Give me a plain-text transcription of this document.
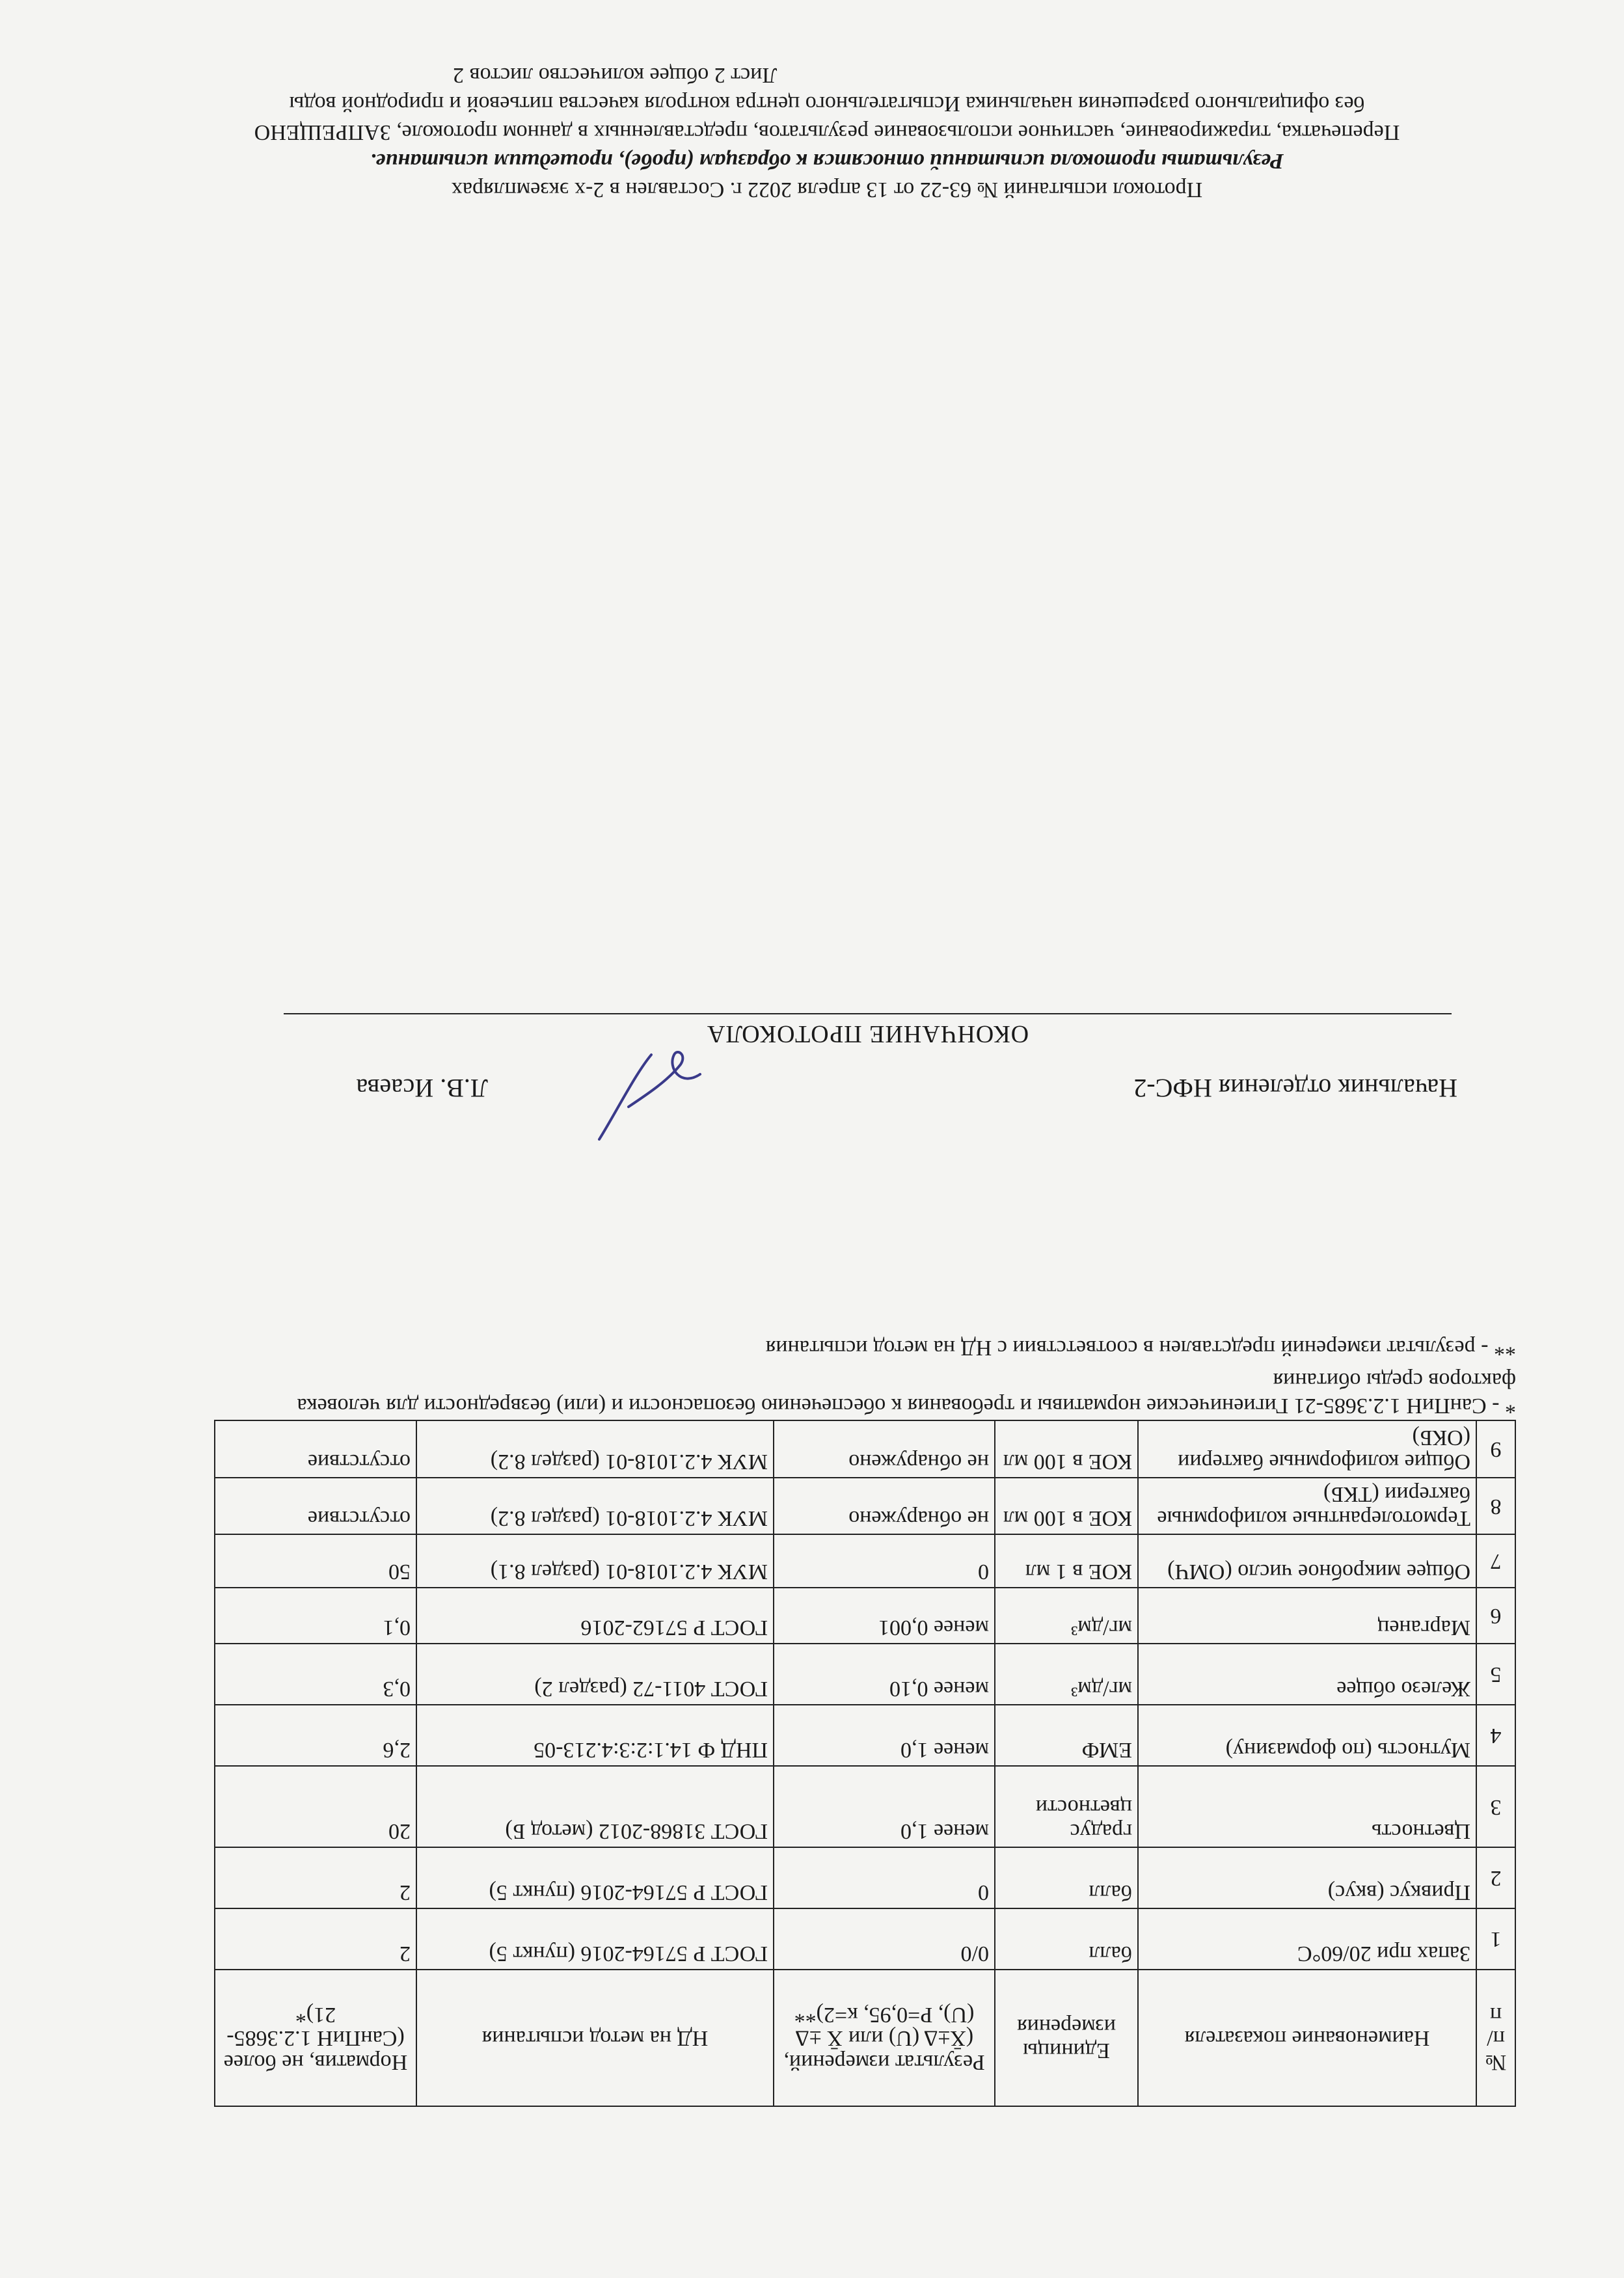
№ п/п	Наименование показателя	Единицы измерения	Результат измерений, (X̄±Δ (U) или X̄ ±Δ (U), P=0,95, к=2)**	НД на метод испытания	Норматив, не более (СанПиН 1.2.3685-21)*
1	Запах при 20/60°С	балл	0/0	ГОСТ Р 57164-2016 (пункт 5)	2
2	Привкус (вкус)	балл	0	ГОСТ Р 57164-2016 (пункт 5)	2
3	Цветность	градус цветности	менее 1,0	ГОСТ 31868-2012 (метод Б)	20
4	Мутность (по формазину)	ЕМФ	менее 1,0	ПНД Ф 14.1:2:3:4.213-05	2,6
5	Железо общее	мг/дм³	менее 0,10	ГОСТ 4011-72 (раздел 2)	0,3
6	Марганец	мг/дм³	менее 0,001	ГОСТ Р 57162-2016	0,1
7	Общее микробное число (ОМЧ)	КОЕ в 1 мл	0	МУК 4.2.1018-01 (раздел 8.1)	50
8	Термотолерантные колиформные бактерии (ТКБ)	КОЕ в 100 мл	не обнаружено	МУК 4.2.1018-01 (раздел 8.2)	отсутствие
9	Общие колиформные бактерии (ОКБ)	КОЕ в 100 мл	не обнаружено	МУК 4.2.1018-01 (раздел 8.2)	отсутствие
* - СанПиН 1.2.3685-21 Гигиенические нормативы и требования к обеспечению безопасности и (или) безвредности для человека факторов среды обитания
** - результат измерений представлен в соответствии с НД на метод испытания
Начальник отделения НФС-2
Л.В. Исаева
ОКОНЧАНИЕ ПРОТОКОЛА
Протокол испытаний № 63-22 от 13 апреля 2022 г. Составлен в 2-х экземплярах
Результаты протокола испытаний относятся к образцам (пробе), прошедшим испытание.
Перепечатка, тиражирование, частичное использование результатов, представленных в данном протоколе, ЗАПРЕЩЕНО
без официального разрешения начальника Испытательного центра контроля качества питьевой и природной воды
Лист 2 общее количество листов 2
